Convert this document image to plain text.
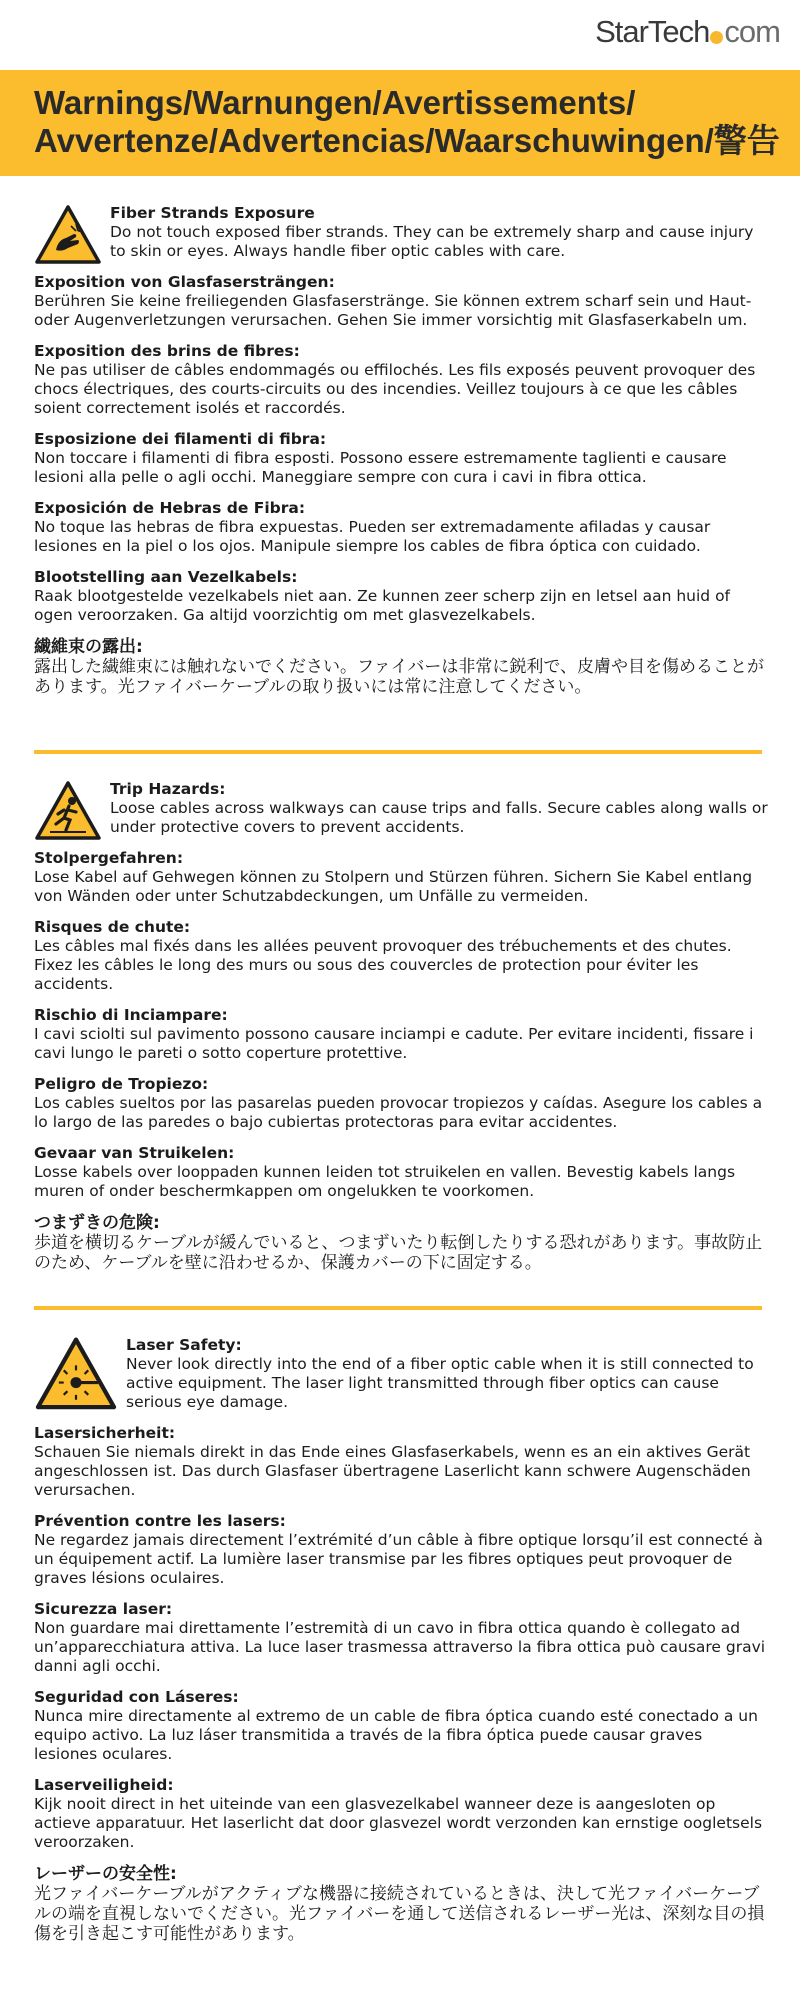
StarTech com
Warnings/Warnungen/Avertissements/
Avvertenze/Advertencias/Waarschuwingen/警告
Fiber Strands Exposure
Do not touch exposed fiber strands. They can be extremely sharp and cause injury to skin or eyes. Always handle fiber optic cables with care.
Exposition von Glasfasersträngen:
Berühren Sie keine freiliegenden Glasfaserstränge. Sie können extrem scharf sein und Haut- oder Augenverletzungen verursachen. Gehen Sie immer vorsichtig mit Glasfaserkabeln um.
Exposition des brins de fibres:
Ne pas utiliser de câbles endommagés ou effilochés. Les fils exposés peuvent provoquer des chocs électriques, des courts-circuits ou des incendies. Veillez toujours à ce que les câbles soient correctement isolés et raccordés.
Esposizione dei filamenti di fibra:
Non toccare i filamenti di fibra esposti. Possono essere estremamente taglienti e causare lesioni alla pelle o agli occhi. Maneggiare sempre con cura i cavi in fibra ottica.
Exposición de Hebras de Fibra:
No toque las hebras de fibra expuestas. Pueden ser extremadamente afiladas y causar lesiones en la piel o los ojos. Manipule siempre los cables de fibra óptica con cuidado.
Blootstelling aan Vezelkabels:
Raak blootgestelde vezelkabels niet aan. Ze kunnen zeer scherp zijn en letsel aan huid of ogen veroorzaken. Ga altijd voorzichtig om met glasvezelkabels.
繊維束の露出:
露出した繊維束には触れないでください。ファイバーは非常に鋭利で、皮膚や目を傷めることがあります。光ファイバーケーブルの取り扱いには常に注意してください。
Trip Hazards:
Loose cables across walkways can cause trips and falls. Secure cables along walls or under protective covers to prevent accidents.
Stolpergefahren:
Lose Kabel auf Gehwegen können zu Stolpern und Stürzen führen. Sichern Sie Kabel entlang von Wänden oder unter Schutzabdeckungen, um Unfälle zu vermeiden.
Risques de chute:
Les câbles mal fixés dans les allées peuvent provoquer des trébuchements et des chutes. Fixez les câbles le long des murs ou sous des couvercles de protection pour éviter les accidents.
Rischio di Inciampare:
I cavi sciolti sul pavimento possono causare inciampi e cadute. Per evitare incidenti, fissare i cavi lungo le pareti o sotto coperture protettive.
Peligro de Tropiezo:
Los cables sueltos por las pasarelas pueden provocar tropiezos y caídas. Asegure los cables a lo largo de las paredes o bajo cubiertas protectoras para evitar accidentes.
Gevaar van Struikelen:
Losse kabels over looppaden kunnen leiden tot struikelen en vallen. Bevestig kabels langs muren of onder beschermkappen om ongelukken te voorkomen.
つまずきの危険:
歩道を横切るケーブルが緩んでいると、つまずいたり転倒したりする恐れがあります。事故防止のため、ケーブルを壁に沿わせるか、保護カバーの下に固定する。
Laser Safety:
Never look directly into the end of a fiber optic cable when it is still connected to active equipment. The laser light transmitted through fiber optics can cause serious eye damage.
Lasersicherheit:
Schauen Sie niemals direkt in das Ende eines Glasfaserkabels, wenn es an ein aktives Gerät angeschlossen ist. Das durch Glasfaser übertragene Laserlicht kann schwere Augenschäden verursachen.
Prévention contre les lasers:
Ne regardez jamais directement l’extrémité d’un câble à fibre optique lorsqu’il est connecté à un équipement actif. La lumière laser transmise par les fibres optiques peut provoquer de graves lésions oculaires.
Sicurezza laser:
Non guardare mai direttamente l’estremità di un cavo in fibra ottica quando è collegato ad un’apparecchiatura attiva. La luce laser trasmessa attraverso la fibra ottica può causare gravi danni agli occhi.
Seguridad con Láseres:
Nunca mire directamente al extremo de un cable de fibra óptica cuando esté conectado a un equipo activo. La luz láser transmitida a través de la fibra óptica puede causar graves lesiones oculares.
Laserveiligheid:
Kijk nooit direct in het uiteinde van een glasvezelkabel wanneer deze is aangesloten op actieve apparatuur. Het laserlicht dat door glasvezel wordt verzonden kan ernstige oogletsels veroorzaken.
レーザーの安全性:
光ファイバーケーブルがアクティブな機器に接続されているときは、決して光ファイバーケーブルの端を直視しないでください。光ファイバーを通して送信されるレーザー光は、深刻な目の損傷を引き起こす可能性があります。
